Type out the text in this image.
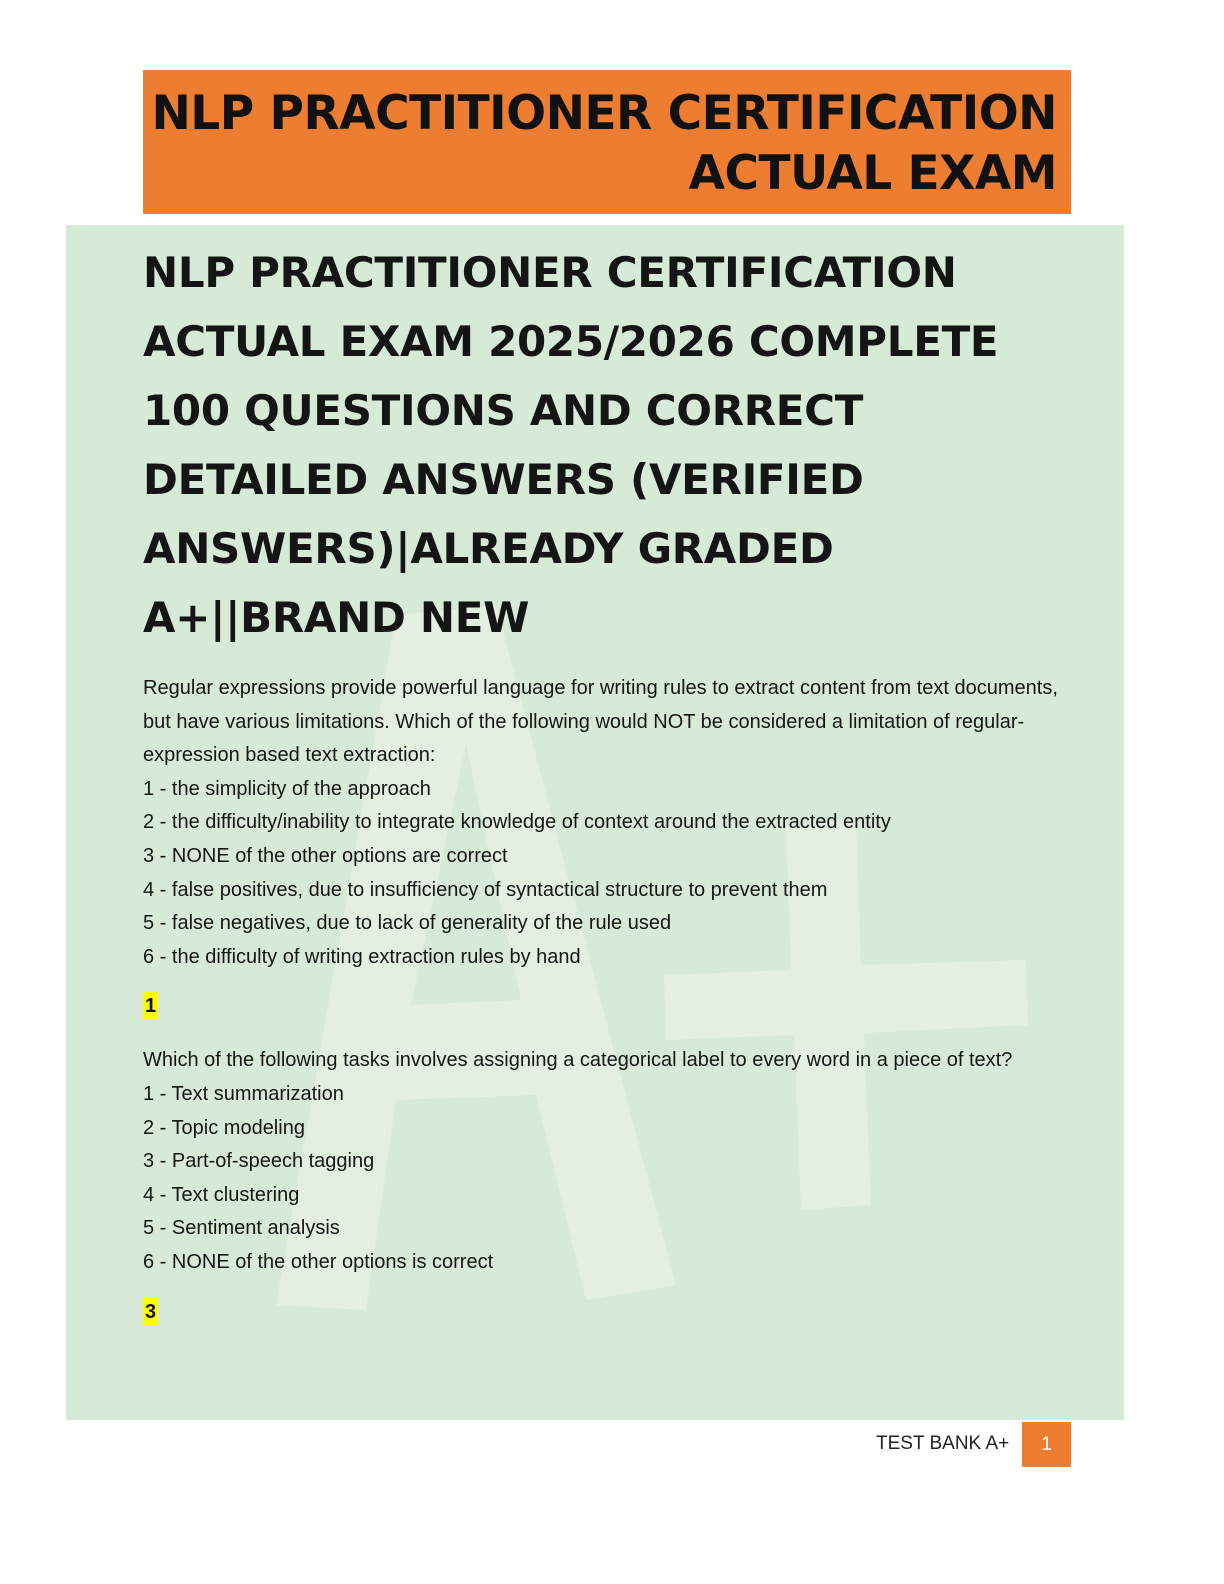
NLP PRACTITIONER CERTIFICATION
ACTUAL EXAM
NLP PRACTITIONER CERTIFICATION
ACTUAL EXAM 2025/2026 COMPLETE
100 QUESTIONS AND CORRECT
DETAILED ANSWERS (VERIFIED
ANSWERS)|ALREADY GRADED
A+||BRAND NEW

Regular expressions provide powerful language for writing rules to extract content from text documents, but have various limitations. Which of the following would NOT be considered a limitation of regular-expression based text extraction:

1 - the simplicity of the approach

2 - the difficulty/inability to integrate knowledge of context around the extracted entity

3 - NONE of the other options are correct

4 - false positives, due to insufficiency of syntactical structure to prevent them

5 - false negatives, due to lack of generality of the rule used

6 - the difficulty of writing extraction rules by hand

1

Which of the following tasks involves assigning a categorical label to every word in a piece of text?

1 - Text summarization

2 - Topic modeling

3 - Part-of-speech tagging

4 - Text clustering

5 - Sentiment analysis

6 - NONE of the other options is correct

3
TEST BANK A+	1
